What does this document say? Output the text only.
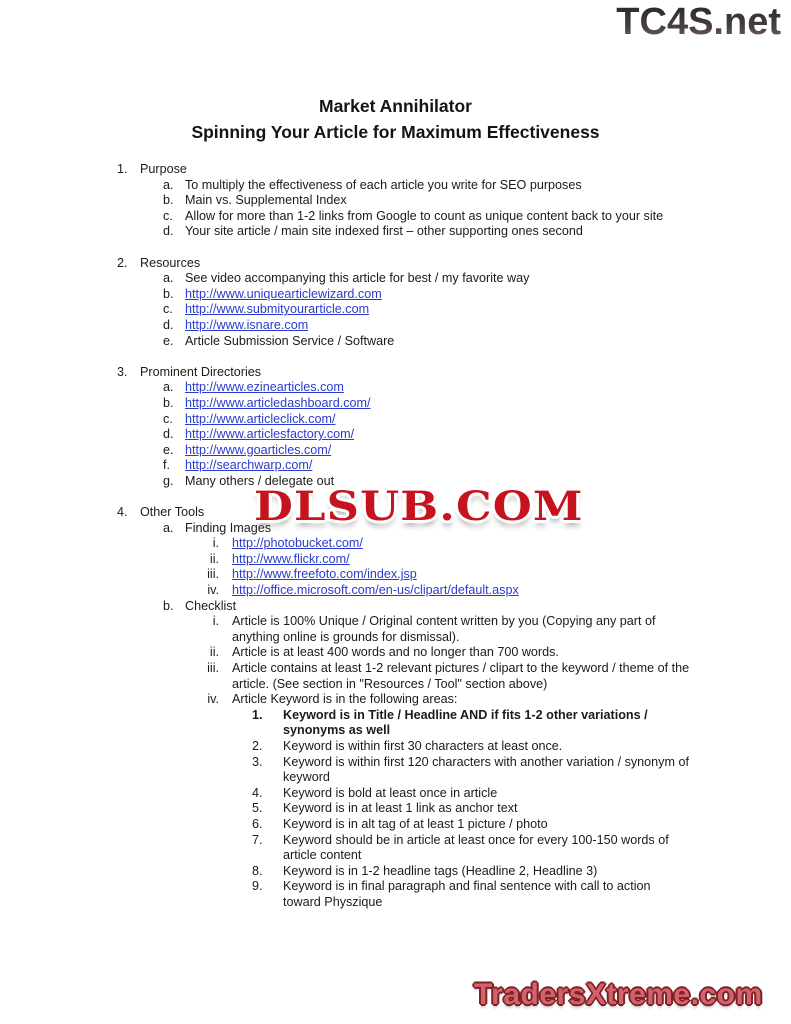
TC4S.net
Market Annihilator
Spinning Your Article for Maximum Effectiveness
1. Purpose
a. To multiply the effectiveness of each article you write for SEO purposes
b. Main vs. Supplemental Index
c. Allow for more than 1-2 links from Google to count as unique content back to your site
d. Your site article / main site indexed first – other supporting ones second
2. Resources
a. See video accompanying this article for best / my favorite way
b. http://www.uniquearticlewizard.com
c. http://www.submityourarticle.com
d. http://www.isnare.com
e. Article Submission Service / Software
3. Prominent Directories
a. http://www.ezinearticles.com
b. http://www.articledashboard.com/
c. http://www.articleclick.com/
d. http://www.articlesfactory.com/
e. http://www.goarticles.com/
f.	http://searchwarp.com/
g. Many others / delegate out
4. Other Tools
a. Finding Images
i.	http://photobucket.com/
ii.	http://www.flickr.com/
iii.	http://www.freefoto.com/index.jsp
iv.	http://office.microsoft.com/en-us/clipart/default.aspx
b. Checklist
i.	Article is 100% Unique / Original content written by you (Copying any part of anything online is grounds for dismissal).
ii.	Article is at least 400 words and no longer than 700 words.
iii.	Article contains at least 1-2 relevant pictures / clipart to the keyword / theme of the article. (See section in "Resources / Tool" section above)
iv.	Article Keyword is in the following areas:
1.	Keyword is in Title / Headline AND if fits 1-2 other variations / synonyms as well
2.	Keyword is within first 30 characters at least once.
3.	Keyword is within first 120 characters with another variation / synonym of keyword
4.	Keyword is bold at least once in article
5.	Keyword is in at least 1 link as anchor text
6.	Keyword is in alt tag of at least 1 picture / photo
7.	Keyword should be in article at least once for every 100-150 words of article content
8.	Keyword is in 1-2 headline tags (Headline 2, Headline 3)
9.	Keyword is in final paragraph and final sentence with call to action toward Physzique
DLSUB.COM
TradersXtreme.com
